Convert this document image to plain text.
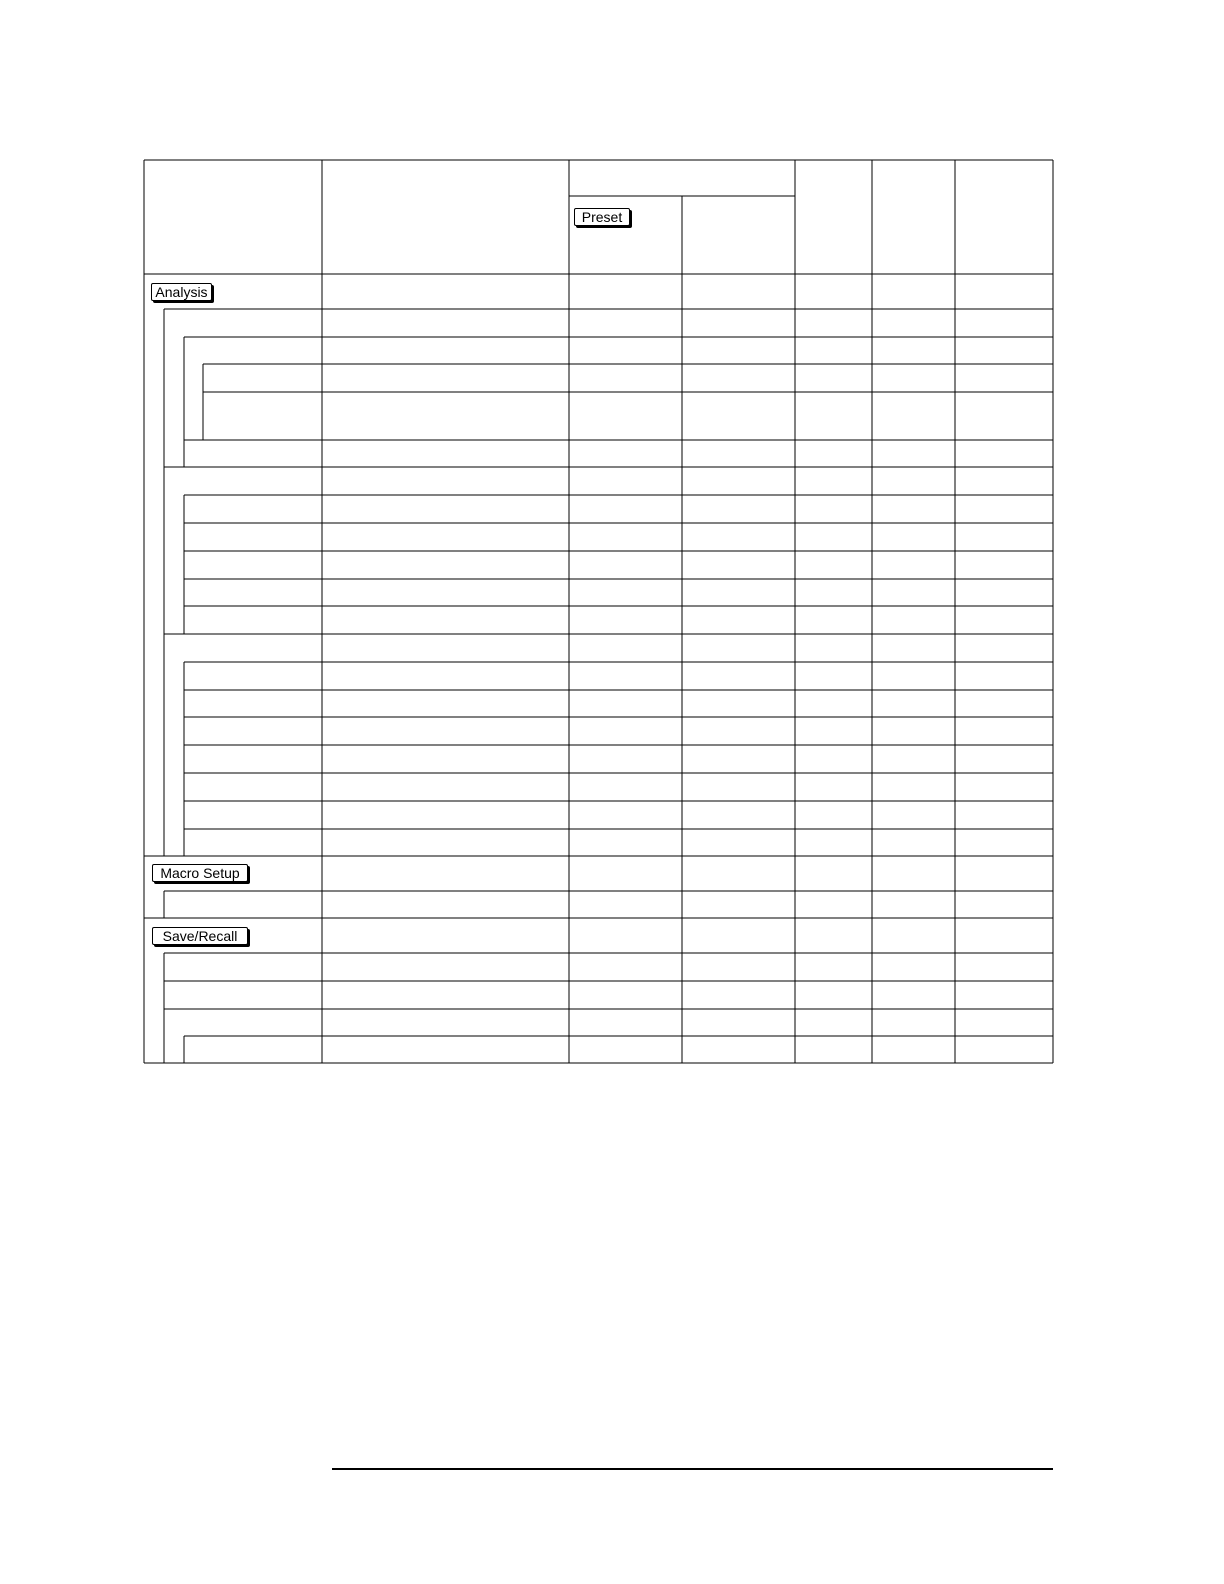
Preset
Analysis
Macro Setup
Save/Recall
